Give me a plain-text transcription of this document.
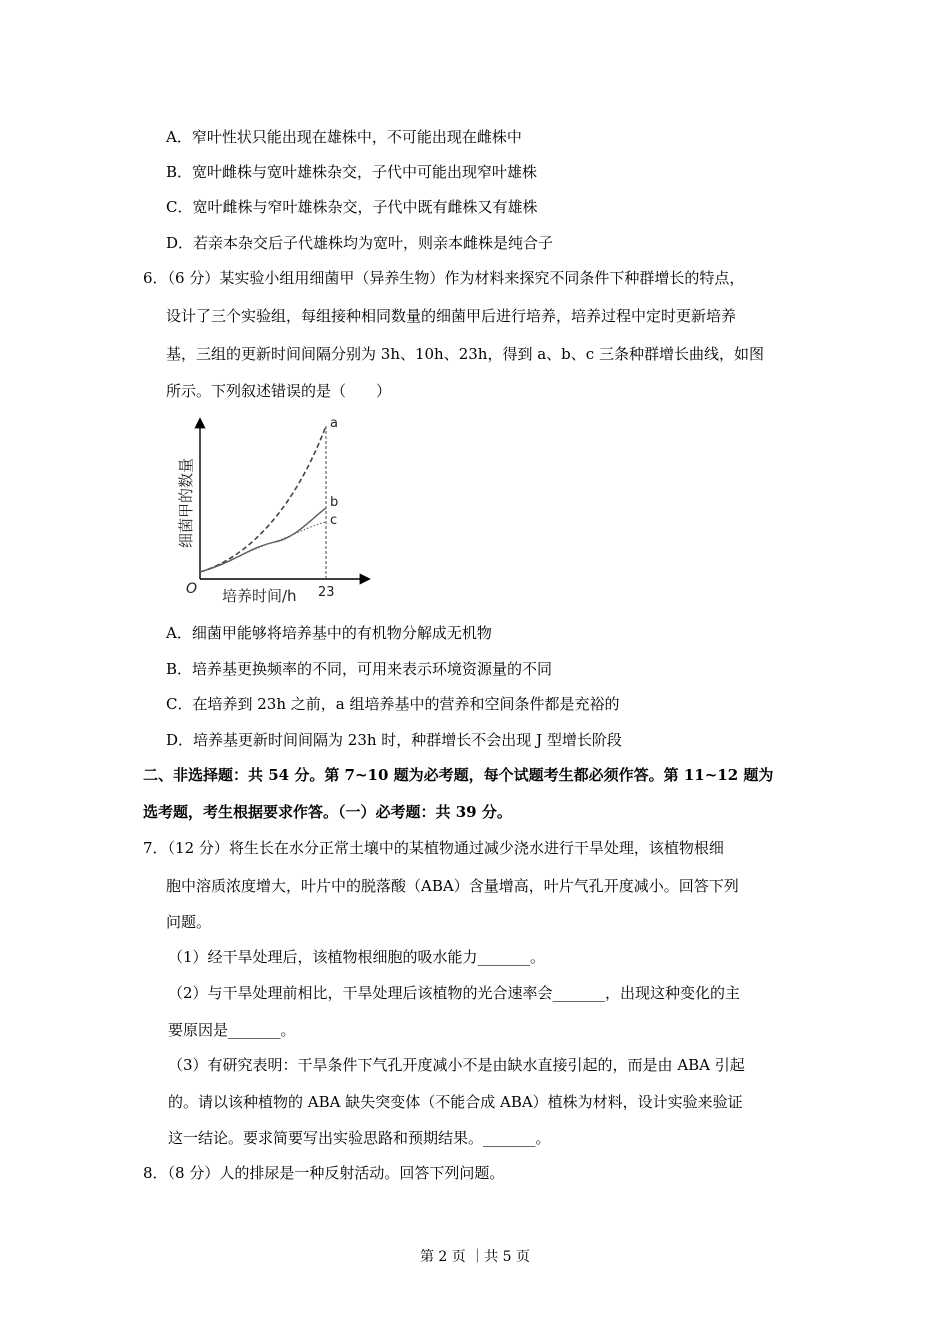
A．窄叶性状只能出现在雄株中，不可能出现在雌株中
B．宽叶雌株与宽叶雄株杂交，子代中可能出现窄叶雄株
C．宽叶雌株与窄叶雄株杂交，子代中既有雌株又有雄株
D．若亲本杂交后子代雄株均为宽叶，则亲本雌株是纯合子
6．（6 分）某实验小组用细菌甲（异养生物）作为材料来探究不同条件下种群增长的特点，
设计了三个实验组，每组接种相同数量的细菌甲后进行培养，培养过程中定时更新培养
基，三组的更新时间间隔分别为 3h、10h、23h，得到 a、b、c 三条种群增长曲线，如图
所示。下列叙述错误的是（　　）
a
b
c
O	23
培养时间/h
细菌甲的数量
A．细菌甲能够将培养基中的有机物分解成无机物
B．培养基更换频率的不同，可用来表示环境资源量的不同
C．在培养到 23h 之前，a 组培养基中的营养和空间条件都是充裕的
D．培养基更新时间间隔为 23h 时，种群增长不会出现 J 型增长阶段
二、非选择题：共 54 分。第 7~10 题为必考题，每个试题考生都必须作答。第 11~12 题为
选考题，考生根据要求作答。（一）必考题：共 39 分。
7．（12 分）将生长在水分正常土壤中的某植物通过减少浇水进行干旱处理，该植物根细
胞中溶质浓度增大，叶片中的脱落酸（ABA）含量增高，叶片气孔开度减小。回答下列
问题。
（1）经干旱处理后，该植物根细胞的吸水能力_______。
（2）与干旱处理前相比，干旱处理后该植物的光合速率会_______，出现这种变化的主
要原因是_______。
（3）有研究表明：干旱条件下气孔开度减小不是由缺水直接引起的，而是由 ABA 引起
的。请以该种植物的 ABA 缺失突变体（不能合成 ABA）植株为材料，设计实验来验证
这一结论。要求简要写出实验思路和预期结果。_______。
8．（8 分）人的排尿是一种反射活动。回答下列问题。
第 2 页 ｜共 5 页
